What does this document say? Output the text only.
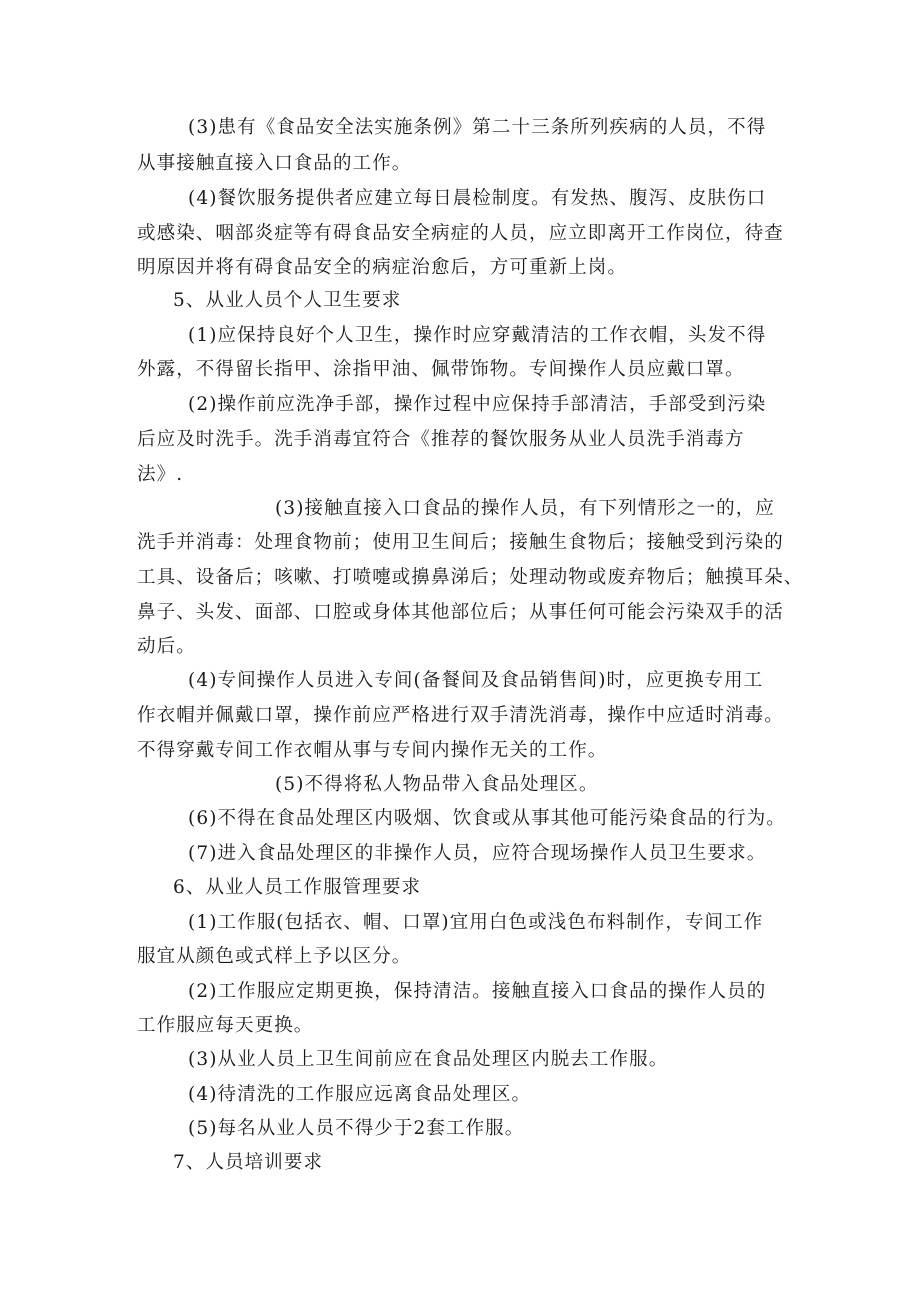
(3)患有《食品安全法实施条例》第二十三条所列疾病的人员，不得
从事接触直接入口食品的工作。
(4)餐饮服务提供者应建立每日晨检制度。有发热、腹泻、皮肤伤口
或感染、咽部炎症等有碍食品安全病症的人员，应立即离开工作岗位，待查
明原因并将有碍食品安全的病症治愈后，方可重新上岗。
5、从业人员个人卫生要求
(1)应保持良好个人卫生，操作时应穿戴清洁的工作衣帽，头发不得
外露，不得留长指甲、涂指甲油、佩带饰物。专间操作人员应戴口罩。
(2)操作前应洗净手部，操作过程中应保持手部清洁，手部受到污染
后应及时洗手。洗手消毒宜符合《推荐的餐饮服务从业人员洗手消毒方
法》.
(3)接触直接入口食品的操作人员，有下列情形之一的，应
洗手并消毒：处理食物前；使用卫生间后；接触生食物后；接触受到污染的
工具、设备后；咳嗽、打喷嚏或擤鼻涕后；处理动物或废弃物后；触摸耳朵、
鼻子、头发、面部、口腔或身体其他部位后；从事任何可能会污染双手的活
动后。
(4)专间操作人员进入专间(备餐间及食品销售间)时，应更换专用工
作衣帽并佩戴口罩，操作前应严格进行双手清洗消毒，操作中应适时消毒。
不得穿戴专间工作衣帽从事与专间内操作无关的工作。
(5)不得将私人物品带入食品处理区。
(6)不得在食品处理区内吸烟、饮食或从事其他可能污染食品的行为。
(7)进入食品处理区的非操作人员，应符合现场操作人员卫生要求。
6、从业人员工作服管理要求
(1)工作服(包括衣、帽、口罩)宜用白色或浅色布料制作，专间工作
服宜从颜色或式样上予以区分。
(2)工作服应定期更换，保持清洁。接触直接入口食品的操作人员的
工作服应每天更换。
(3)从业人员上卫生间前应在食品处理区内脱去工作服。
(4)待清洗的工作服应远离食品处理区。
(5)每名从业人员不得少于2套工作服。
7、人员培训要求
